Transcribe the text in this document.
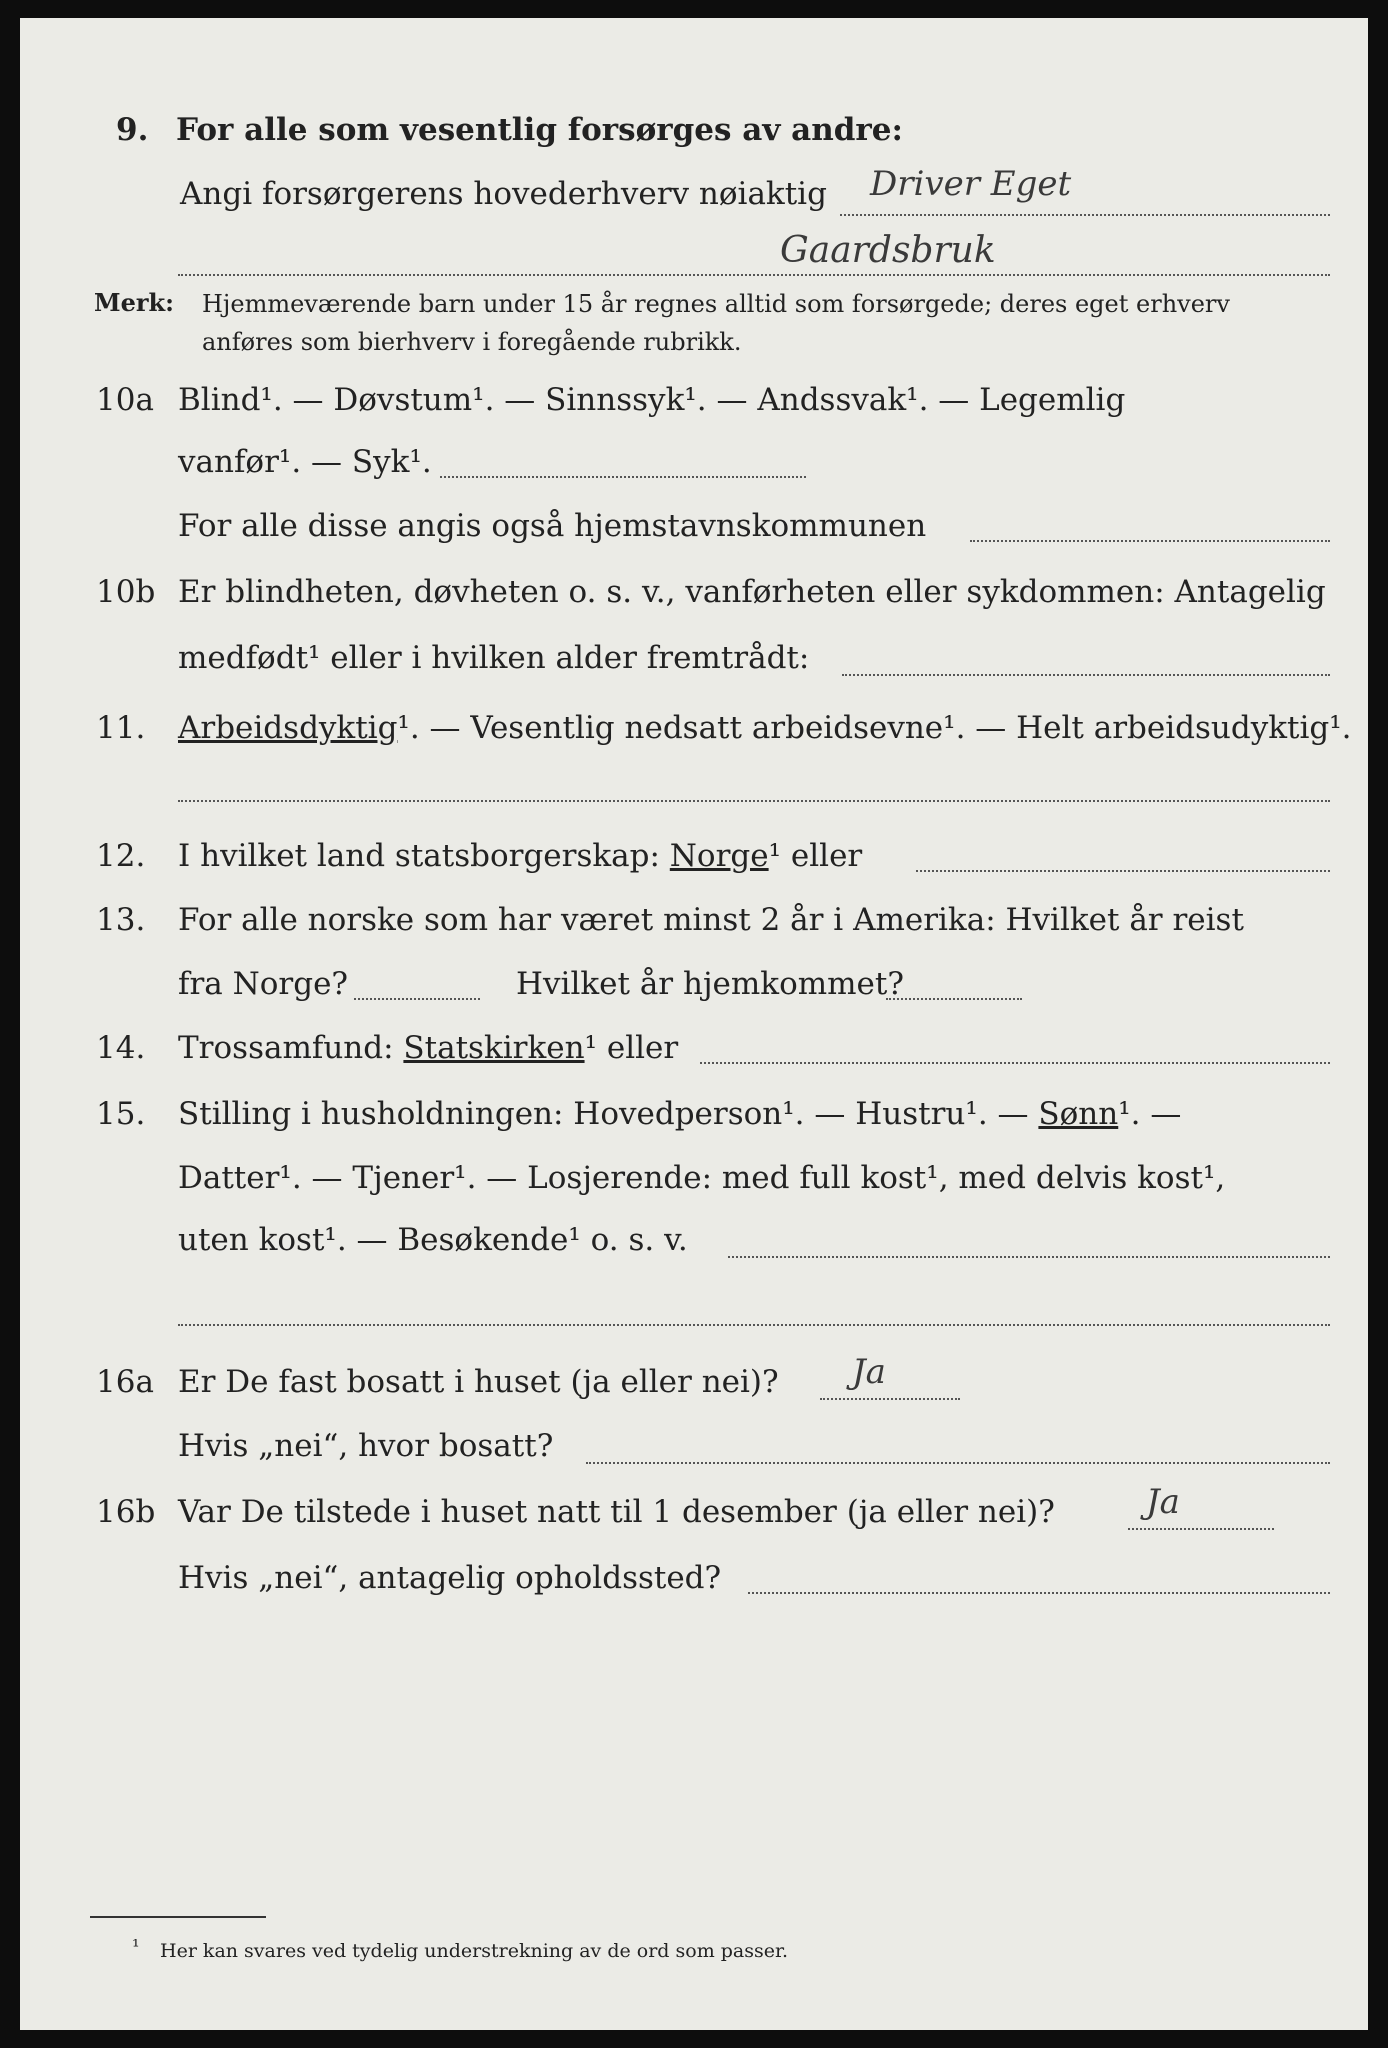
9. For alle som vesentlig forsørges av andre:
Angi forsørgerens hovederhverv nøiaktig Driver Eget
Gaardsbruk
Merk: Hjemmeværende barn under 15 år regnes alltid som forsørgede; deres eget erhverv
anføres som bierhverv i foregående rubrikk.
10a Blind¹. — Døvstum¹. — Sinnssyk¹. — Andssvak¹. — Legemlig
vanfør¹. — Syk¹.
For alle disse angis også hjemstavnskommunen
10b Er blindheten, døvheten o. s. v., vanførheten eller sykdommen: Antagelig
medfødt¹ eller i hvilken alder fremtrådt:
11. Arbeidsdyktig¹. — Vesentlig nedsatt arbeidsevne¹. — Helt arbeidsudyktig¹.
12. I hvilket land statsborgerskap: Norge¹ eller
13. For alle norske som har været minst 2 år i Amerika: Hvilket år reist
fra Norge?	Hvilket år hjemkommet?
14. Trossamfund: Statskirken¹ eller
15. Stilling i husholdningen: Hovedperson¹. — Hustru¹. — Sønn¹. —
Datter¹. — Tjener¹. — Losjerende: med full kost¹, med delvis kost¹,
uten kost¹. — Besøkende¹ o. s. v.
16a Er De fast bosatt i huset (ja eller nei)? Ja
Hvis „nei“, hvor bosatt?
16b Var De tilstede i huset natt til 1 desember (ja eller nei)?	Ja
Hvis „nei“, antagelig opholdssted?
¹ Her kan svares ved tydelig understrekning av de ord som passer.
